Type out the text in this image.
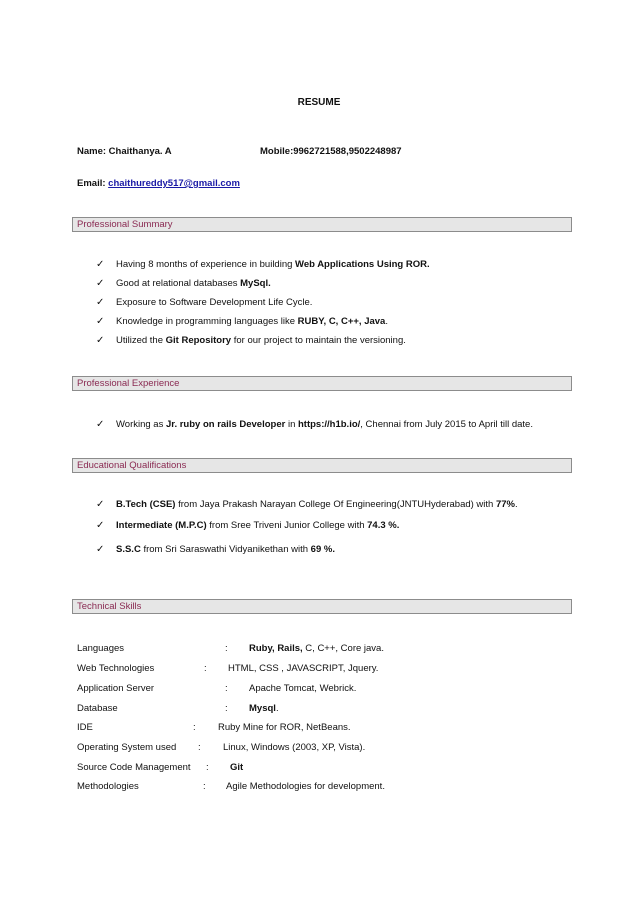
RESUME
Name: Chaithanya. A	Mobile:9962721588,9502248987
Email: chaithureddy517@gmail.com
Professional Summary
✓ Having 8 months of experience in building Web Applications Using ROR.
✓ Good at relational databases MySql.
✓ Exposure to Software Development Life Cycle.
✓ Knowledge in programming languages like RUBY, C, C++, Java.
✓ Utilized the Git Repository for our project to maintain the versioning.
Professional Experience
✓ Working as Jr. ruby on rails Developer in https://h1b.io/, Chennai from July 2015 to April till date.
Educational Qualifications
✓ B.Tech (CSE) from Jaya Prakash Narayan College Of Engineering(JNTUHyderabad) with 77%.
✓ Intermediate (M.P.C) from Sree Triveni Junior College with 74.3 %.
✓ S.S.C from Sri Saraswathi Vidyanikethan with 69 %.
Technical Skills
Languages	: Ruby, Rails, C, C++, Core java.
Web Technologies	: HTML, CSS , JAVASCRIPT, Jquery.
Application Server	: Apache Tomcat, Webrick.
Database	: Mysql.
IDE	: Ruby Mine for ROR, NetBeans.
Operating System used : Linux, Windows (2003, XP, Vista).
Source Code Management : Git
Methodologies	: Agile Methodologies for development.
